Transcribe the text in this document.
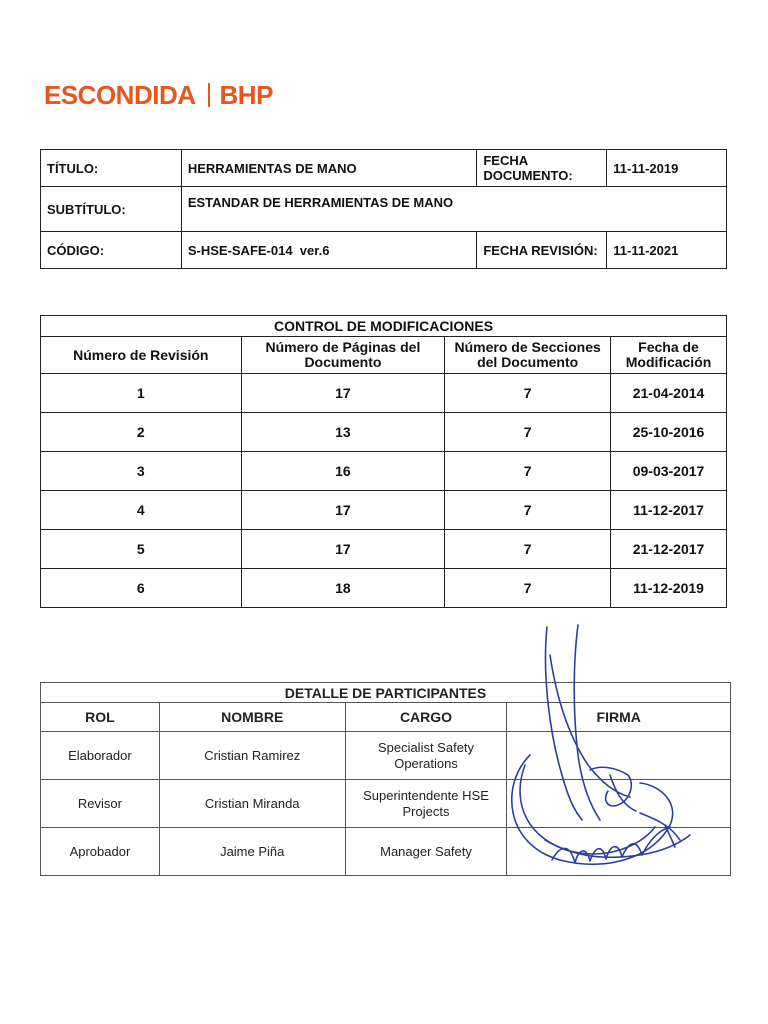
ESCONDIDA BHP
TÍTULO:	HERRAMIENTAS DE MANO	FECHA DOCUMENTO:	11-11-2019
SUBTÍTULO:	ESTANDAR DE HERRAMIENTAS DE MANO		
CÓDIGO:	S-HSE-SAFE-014  ver.6	FECHA REVISIÓN:	11-11-2021
CONTROL DE MODIFICACIONES			
Número de Revisión	Número de Páginas del Documento	Número de Secciones del Documento	Fecha de Modificación
1	17	7	21-04-2014
2	13	7	25-10-2016
3	16	7	09-03-2017
4	17	7	11-12-2017
5	17	7	21-12-2017
6	18	7	11-12-2019
DETALLE DE PARTICIPANTES			
ROL	NOMBRE	CARGO	FIRMA
Elaborador	Cristian Ramirez	Specialist Safety Operations	
Revisor	Cristian Miranda	Superintendente HSE Projects	
Aprobador	Jaime Piña	Manager Safety	
